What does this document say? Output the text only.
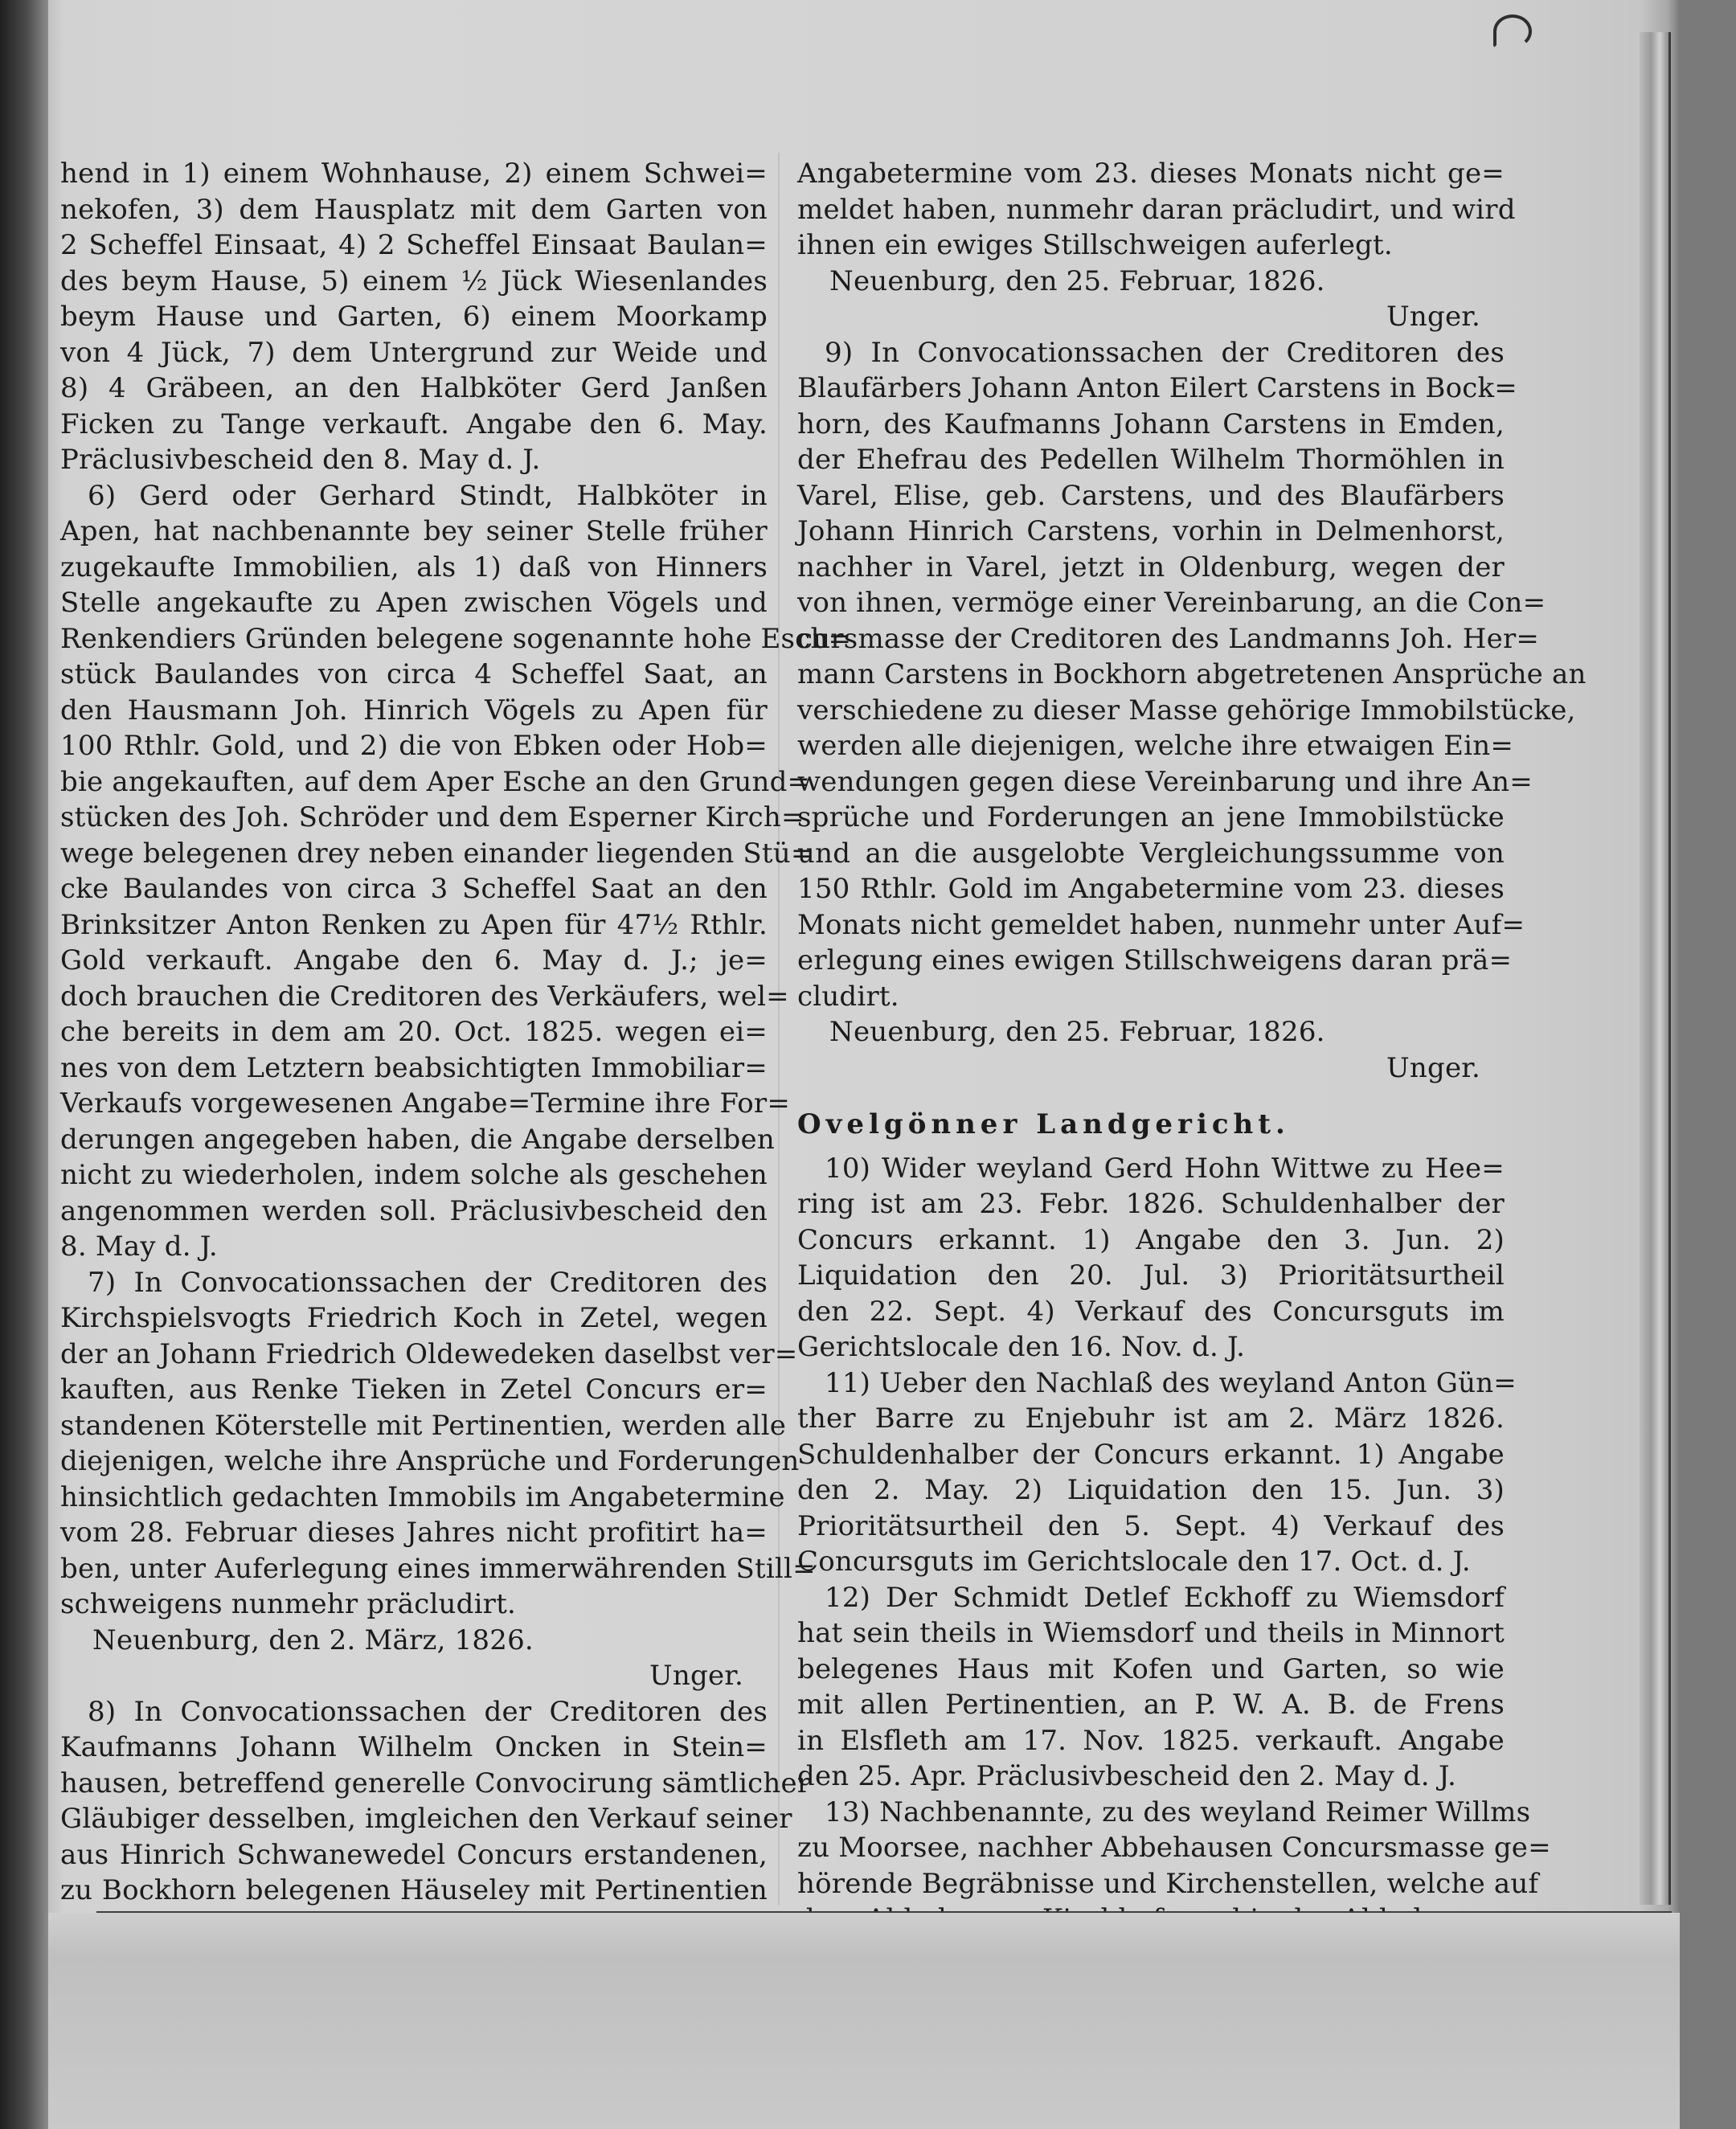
hend in 1) einem Wohnhause, 2) einem Schwei=
nekofen, 3) dem Hausplatz mit dem Garten von
2 Scheffel Einsaat, 4) 2 Scheffel Einsaat Baulan=
des beym Hause, 5) einem ½ Jück Wiesenlandes
beym Hause und Garten, 6) einem Moorkamp
von 4 Jück, 7) dem Untergrund zur Weide und
8) 4 Gräbeen, an den Halbköter Gerd Janßen
Ficken zu Tange verkauft. Angabe den 6. May.
Präclusivbescheid den 8. May d. J.
6) Gerd oder Gerhard Stindt, Halbköter in
Apen, hat nachbenannte bey seiner Stelle früher
zugekaufte Immobilien, als 1) daß von Hinners
Stelle angekaufte zu Apen zwischen Vögels und
Renkendiers Gründen belegene sogenannte hohe Esch=
stück Baulandes von circa 4 Scheffel Saat, an
den Hausmann Joh. Hinrich Vögels zu Apen für
100 Rthlr. Gold, und 2) die von Ebken oder Hob=
bie angekauften, auf dem Aper Esche an den Grund=
stücken des Joh. Schröder und dem Esperner Kirch=
wege belegenen drey neben einander liegenden Stü=
cke Baulandes von circa 3 Scheffel Saat an den
Brinksitzer Anton Renken zu Apen für 47½ Rthlr.
Gold verkauft. Angabe den 6. May d. J.; je=
doch brauchen die Creditoren des Verkäufers, wel=
che bereits in dem am 20. Oct. 1825. wegen ei=
nes von dem Letztern beabsichtigten Immobiliar=
Verkaufs vorgewesenen Angabe=Termine ihre For=
derungen angegeben haben, die Angabe derselben
nicht zu wiederholen, indem solche als geschehen
angenommen werden soll. Präclusivbescheid den
8. May d. J.
7) In Convocationssachen der Creditoren des
Kirchspielsvogts Friedrich Koch in Zetel, wegen
der an Johann Friedrich Oldewedeken daselbst ver=
kauften, aus Renke Tieken in Zetel Concurs er=
standenen Köterstelle mit Pertinentien, werden alle
diejenigen, welche ihre Ansprüche und Forderungen
hinsichtlich gedachten Immobils im Angabetermine
vom 28. Februar dieses Jahres nicht profitirt ha=
ben, unter Auferlegung eines immerwährenden Still=
schweigens nunmehr präcludirt.
Neuenburg, den 2. März, 1826.
Unger.
8) In Convocationssachen der Creditoren des
Kaufmanns Johann Wilhelm Oncken in Stein=
hausen, betreffend generelle Convocirung sämtlicher
Gläubiger desselben, imgleichen den Verkauf seiner
aus Hinrich Schwanewedel Concurs erstandenen,
zu Bockhorn belegenen Häuseley mit Pertinentien
Angabetermine vom 23. dieses Monats nicht ge=
meldet haben, nunmehr daran präcludirt, und wird
ihnen ein ewiges Stillschweigen auferlegt.
Neuenburg, den 25. Februar, 1826.
Unger.
9) In Convocationssachen der Creditoren des
Blaufärbers Johann Anton Eilert Carstens in Bock=
horn, des Kaufmanns Johann Carstens in Emden,
der Ehefrau des Pedellen Wilhelm Thormöhlen in
Varel, Elise, geb. Carstens, und des Blaufärbers
Johann Hinrich Carstens, vorhin in Delmenhorst,
nachher in Varel, jetzt in Oldenburg, wegen der
von ihnen, vermöge einer Vereinbarung, an die Con=
cursmasse der Creditoren des Landmanns Joh. Her=
mann Carstens in Bockhorn abgetretenen Ansprüche an
verschiedene zu dieser Masse gehörige Immobilstücke,
werden alle diejenigen, welche ihre etwaigen Ein=
wendungen gegen diese Vereinbarung und ihre An=
sprüche und Forderungen an jene Immobilstücke
und an die ausgelobte Vergleichungssumme von
150 Rthlr. Gold im Angabetermine vom 23. dieses
Monats nicht gemeldet haben, nunmehr unter Auf=
erlegung eines ewigen Stillschweigens daran prä=
cludirt.
Neuenburg, den 25. Februar, 1826.
Unger.
Ovelgönner Landgericht.
10) Wider weyland Gerd Hohn Wittwe zu Hee=
ring ist am 23. Febr. 1826. Schuldenhalber der
Concurs erkannt. 1) Angabe den 3. Jun. 2)
Liquidation den 20. Jul. 3) Prioritätsurtheil
den 22. Sept. 4) Verkauf des Concursguts im
Gerichtslocale den 16. Nov. d. J.
11) Ueber den Nachlaß des weyland Anton Gün=
ther Barre zu Enjebuhr ist am 2. März 1826.
Schuldenhalber der Concurs erkannt. 1) Angabe
den 2. May. 2) Liquidation den 15. Jun. 3)
Prioritätsurtheil den 5. Sept. 4) Verkauf des
Concursguts im Gerichtslocale den 17. Oct. d. J.
12) Der Schmidt Detlef Eckhoff zu Wiemsdorf
hat sein theils in Wiemsdorf und theils in Minnort
belegenes Haus mit Kofen und Garten, so wie
mit allen Pertinentien, an P. W. A. B. de Frens
in Elsfleth am 17. Nov. 1825. verkauft. Angabe
den 25. Apr. Präclusivbescheid den 2. May d. J.
13) Nachbenannte, zu des weyland Reimer Willms
zu Moorsee, nachher Abbehausen Concursmasse ge=
hörende Begräbnisse und Kirchenstellen, welche auf
